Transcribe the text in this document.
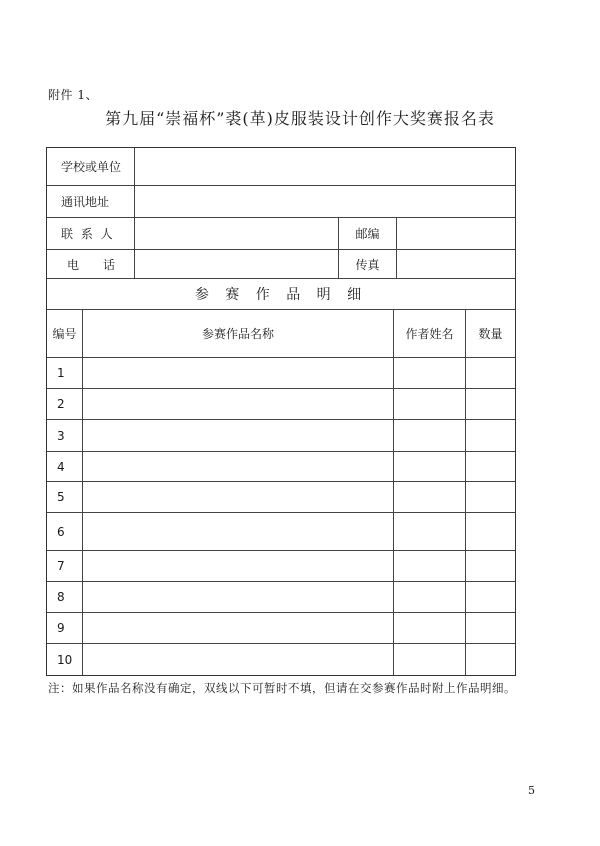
附件 1、
第九届“崇福杯”裘(革)皮服装设计创作大奖赛报名表
学校或单位
通讯地址
联 系 人	邮编
电　　话	传真
参 赛 作 品 明 细
编号	参赛作品名称	作者姓名	数量
1
2
3
4
5
6
7
8
9
10
注：如果作品名称没有确定，双线以下可暂时不填，但请在交参赛作品时附上作品明细。
5
